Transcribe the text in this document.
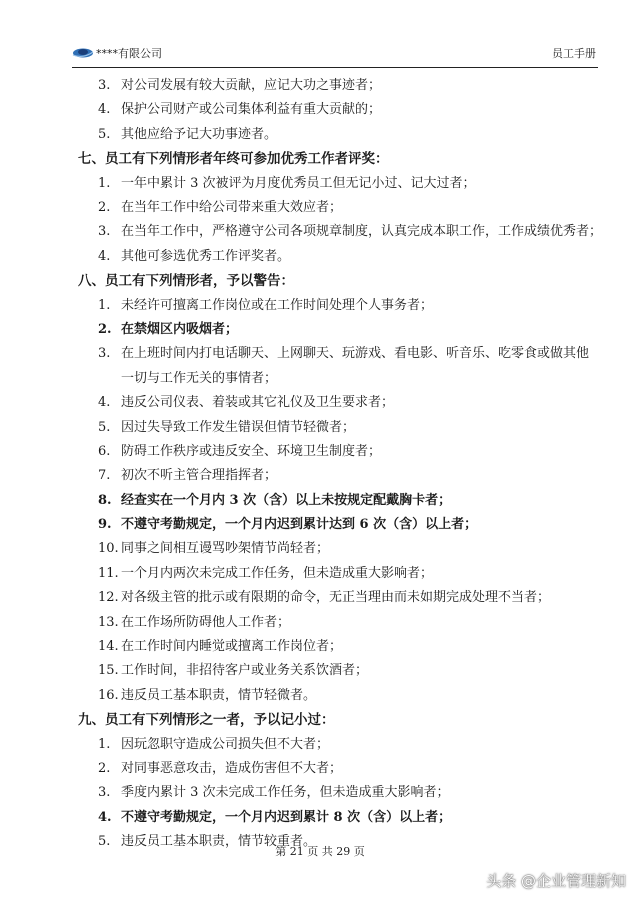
****有限公司	员工手册
3. 对公司发展有较大贡献，应记大功之事迹者；
4. 保护公司财产或公司集体利益有重大贡献的；
5. 其他应给予记大功事迹者。
七、员工有下列情形者年终可参加优秀工作者评奖：
1. 一年中累计 3 次被评为月度优秀员工但无记小过、记大过者；
2. 在当年工作中给公司带来重大效应者；
3. 在当年工作中，严格遵守公司各项规章制度，认真完成本职工作，工作成绩优秀者；
4. 其他可参选优秀工作评奖者。
八、员工有下列情形者，予以警告：
1. 未经许可擅离工作岗位或在工作时间处理个人事务者；
2. 在禁烟区内吸烟者；
3. 在上班时间内打电话聊天、上网聊天、玩游戏、看电影、听音乐、吃零食或做其他一切与工作无关的事情者；
4. 违反公司仪表、着装或其它礼仪及卫生要求者；
5. 因过失导致工作发生错误但情节轻微者；
6. 防碍工作秩序或违反安全、环境卫生制度者；
7. 初次不听主管合理指挥者；
8. 经查实在一个月内 3 次（含）以上未按规定配戴胸卡者；
9. 不遵守考勤规定，一个月内迟到累计达到 6 次（含）以上者；
10. 同事之间相互谩骂吵架情节尚轻者；
11. 一个月内两次未完成工作任务，但未造成重大影响者；
12. 对各级主管的批示或有限期的命令，无正当理由而未如期完成处理不当者；
13. 在工作场所防碍他人工作者；
14. 在工作时间内睡觉或擅离工作岗位者；
15. 工作时间，非招待客户或业务关系饮酒者；
16. 违反员工基本职责，情节轻微者。
九、员工有下列情形之一者，予以记小过：
1. 因玩忽职守造成公司损失但不大者；
2. 对同事恶意攻击，造成伤害但不大者；
3. 季度内累计 3 次未完成工作任务，但未造成重大影响者；
4. 不遵守考勤规定，一个月内迟到累计 8 次（含）以上者；
5. 违反员工基本职责，情节较重者。
第 21 页 共 29 页
头条 @企业管理新知
